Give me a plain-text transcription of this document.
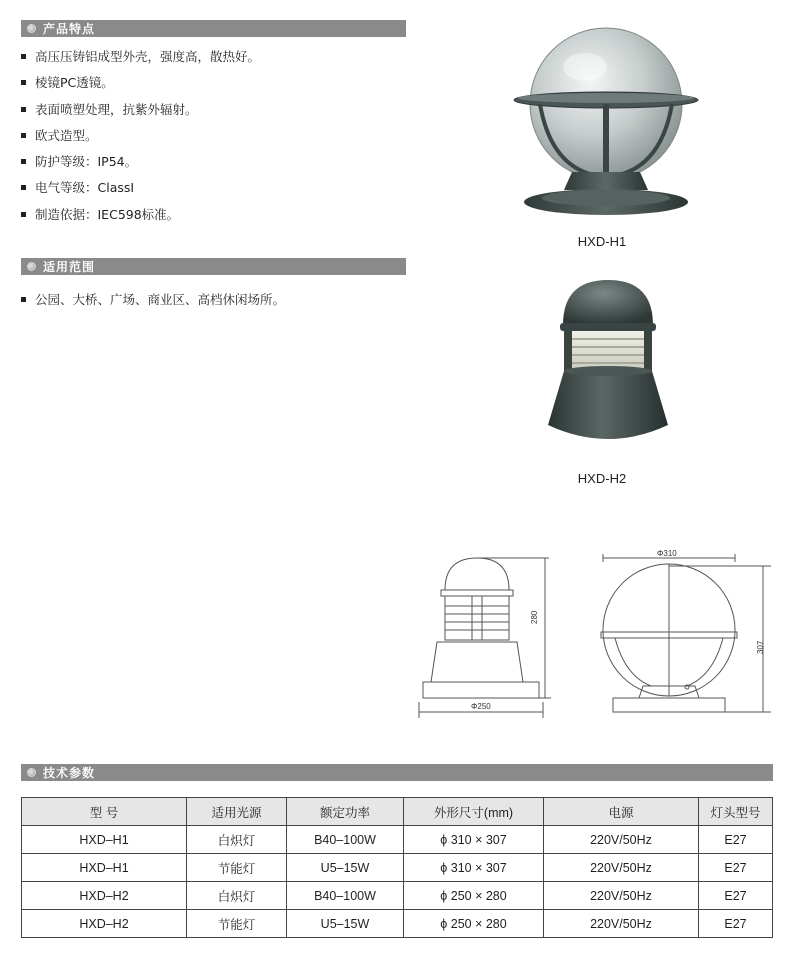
产品特点
高压压铸铝成型外壳，强度高，散热好。
棱镜PC透镜。
表面喷塑处理，抗紫外辐射。
欧式造型。
防护等级：IP54。
电气等级：ClassI
制造依据：IEC598标准。
适用范围
公园、大桥、广场、商业区、高档休闲场所。
HXD-H1
HXD-H2
Φ250
280
Φ310
307
技术参数
型 号	适用光源	额定功率	外形尺寸(mm)	电源	灯头型号
HXD–H1	白炽灯	B40–100W	ϕ 310 × 307	220V/50Hz	E27
HXD–H1	节能灯	U5–15W	ϕ 310 × 307	220V/50Hz	E27
HXD–H2	白炽灯	B40–100W	ϕ 250 × 280	220V/50Hz	E27
HXD–H2	节能灯	U5–15W	ϕ 250 × 280	220V/50Hz	E27
